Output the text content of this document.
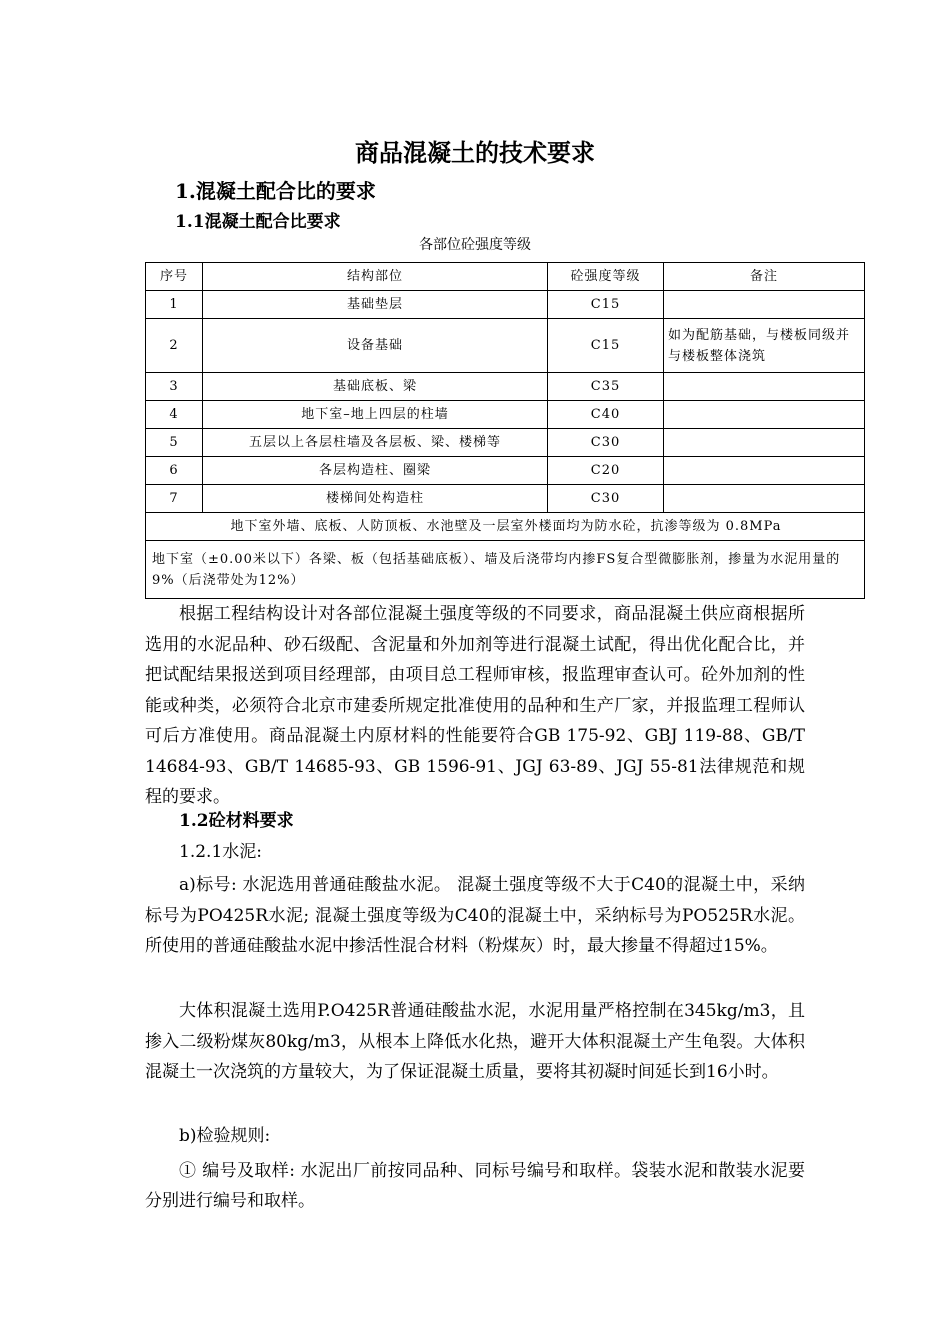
商品混凝土的技术要求
1.混凝土配合比的要求
1.1混凝土配合比要求
各部位砼强度等级
序号	结构部位	砼强度等级	备注
1	基础垫层	C15	
2	设备基础	C15	如为配筋基础，与楼板同级并与楼板整体浇筑
3	基础底板、梁	C35	
4	地下室–地上四层的柱墙	C40	
5	五层以上各层柱墙及各层板、梁、楼梯等	C30	
6	各层构造柱、圈梁	C20	
7	楼梯间处构造柱	C30	
地下室外墙、底板、人防顶板、水池壁及一层室外楼面均为防水砼，抗渗等级为 0.8MPa			
地下室（±0.00米以下）各梁、板（包括基础底板）、墙及后浇带均内掺FS复合型微膨胀剂，掺量为水泥用量的9%（后浇带处为12%）			

根据工程结构设计对各部位混凝土强度等级的不同要求，商品混凝土供应商根据所选用的水泥品种、砂石级配、含泥量和外加剂等进行混凝土试配，得出优化配合比，并把试配结果报送到项目经理部，由项目总工程师审核，报监理审查认可。砼外加剂的性能或种类，必须符合北京市建委所规定批准使用的品种和生产厂家，并报监理工程师认可后方准使用。商品混凝土内原材料的性能要符合GB 175-92、GBJ 119-88、GB/T 14684-93、GB/T 14685-93、GB 1596-91、JGJ 63-89、JGJ 55-81法律规范和规程的要求。

1.2砼材料要求

1.2.1水泥:

a)标号: 水泥选用普通硅酸盐水泥。 混凝土强度等级不大于C40的混凝土中，采纳标号为PO425R水泥; 混凝土强度等级为C40的混凝土中，采纳标号为PO525R水泥。所使用的普通硅酸盐水泥中掺活性混合材料（粉煤灰）时，最大掺量不得超过15%。

大体积混凝土选用P.O425R普通硅酸盐水泥，水泥用量严格控制在345kg/m3，且掺入二级粉煤灰80kg/m3，从根本上降低水化热，避开大体积混凝土产生龟裂。大体积混凝土一次浇筑的方量较大，为了保证混凝土质量，要将其初凝时间延长到16小时。

b)检验规则:

① 编号及取样: 水泥出厂前按同品种、同标号编号和取样。袋装水泥和散装水泥要分别进行编号和取样。
